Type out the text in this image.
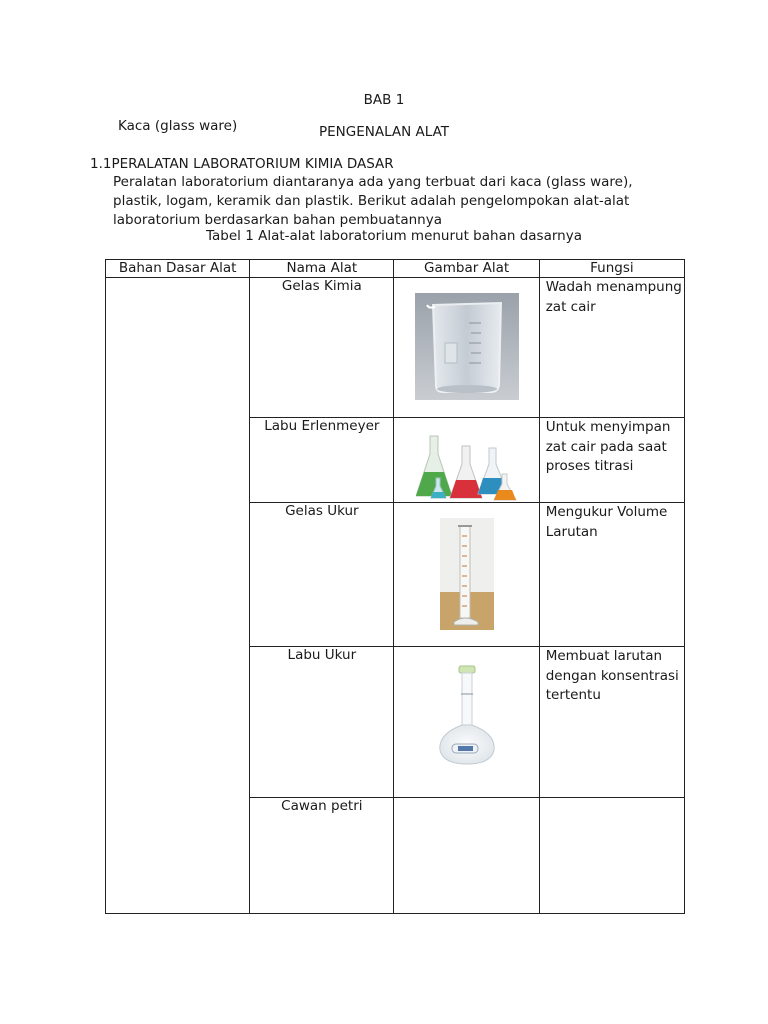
BAB 1
PENGENALAN ALAT
1.1PERALATAN LABORATORIUM KIMIA DASAR
Peralatan laboratorium diantaranya ada yang terbuat dari kaca (glass ware), plastik, logam, keramik dan plastik. Berikut adalah pengelompokan alat-alat laboratorium berdasarkan bahan pembuatannya
Tabel 1 Alat-alat laboratorium menurut bahan dasarnya
Bahan Dasar Alat	Nama Alat	Gambar Alat	Fungsi
Kaca (glass ware)	Gelas Kimia		Wadah menampung zat cair
	Labu Erlenmeyer		Untuk menyimpan zat cair pada saat proses titrasi
	Gelas Ukur		Mengukur Volume Larutan
	Labu Ukur		Membuat larutan dengan konsentrasi tertentu
	Cawan petri		
